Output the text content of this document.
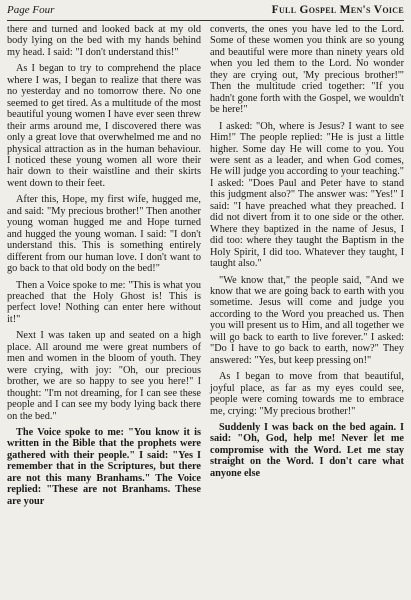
Page Four	Full Gospel Men's Voice

there and turned and looked back at my old body lying on the bed with my hands behind my head. I said: "I don't understand this!"

As I began to try to comprehend the place where I was, I began to realize that there was no yesterday and no tomorrow there. No one seemed to get tired. As a multitude of the most beautiful young women I have ever seen threw their arms around me, I discovered there was only a great love that overwhelmed me and no physical attraction as in the human behaviour. I noticed these young women all wore their hair down to their waistline and their skirts went down to their feet.

After this, Hope, my first wife, hugged me, and said: "My precious brother!" Then another young woman hugged me and Hope turned and hugged the young woman. I said: "I don't understand this. This is something entirely different from our human love. I don't want to go back to that old body on the bed!"

Then a Voice spoke to me: "This is what you preached that the Holy Ghost is! This is perfect love! Nothing can enter here without it!"

Next I was taken up and seated on a high place. All around me were great numbers of men and women in the bloom of youth. They were crying, with joy: "Oh, our precious brother, we are so happy to see you here!" I thought: "I'm not dreaming, for I can see these people and I can see my body lying back there on the bed."

The Voice spoke to me: "You know it is written in the Bible that the prophets were gathered with their people." I said: "Yes I remember that in the Scriptures, but there are not this many Branhams." The Voice replied: "These are not Branhams. These are your

converts, the ones you have led to the Lord. Some of these women you think are so young and beautiful were more than ninety years old when you led them to the Lord. No wonder they are crying out, 'My precious brother!'" Then the multitude cried together: "If you hadn't gone forth with the Gospel, we wouldn't be here!"

I asked: "Oh, where is Jesus? I want to see Him!" The people replied: "He is just a little higher. Some day He will come to you. You were sent as a leader, and when God comes, He will judge you according to your teaching." I asked: "Does Paul and Peter have to stand this judgment also?" The answer was: "Yes!" I said: "I have preached what they preached. I did not divert from it to one side or the other. Where they baptized in the name of Jesus, I did too: where they taught the Baptism in the Holy Spirit, I did too. Whatever they taught, I taught also."

"We know that," the people said, "And we know that we are going back to earth with you sometime. Jesus will come and judge you according to the Word you preached us. Then you will present us to Him, and all together we will go back to earth to live forever." I asked: "Do I have to go back to earth, now?" They answered: "Yes, but keep pressing on!"

As I began to move from that beautiful, joyful place, as far as my eyes could see, people were coming towards me to embrace me, crying: "My precious brother!"

Suddenly I was back on the bed again. I said: "Oh, God, help me! Never let me compromise with the Word. Let me stay straight on the Word. I don't care what anyone else
